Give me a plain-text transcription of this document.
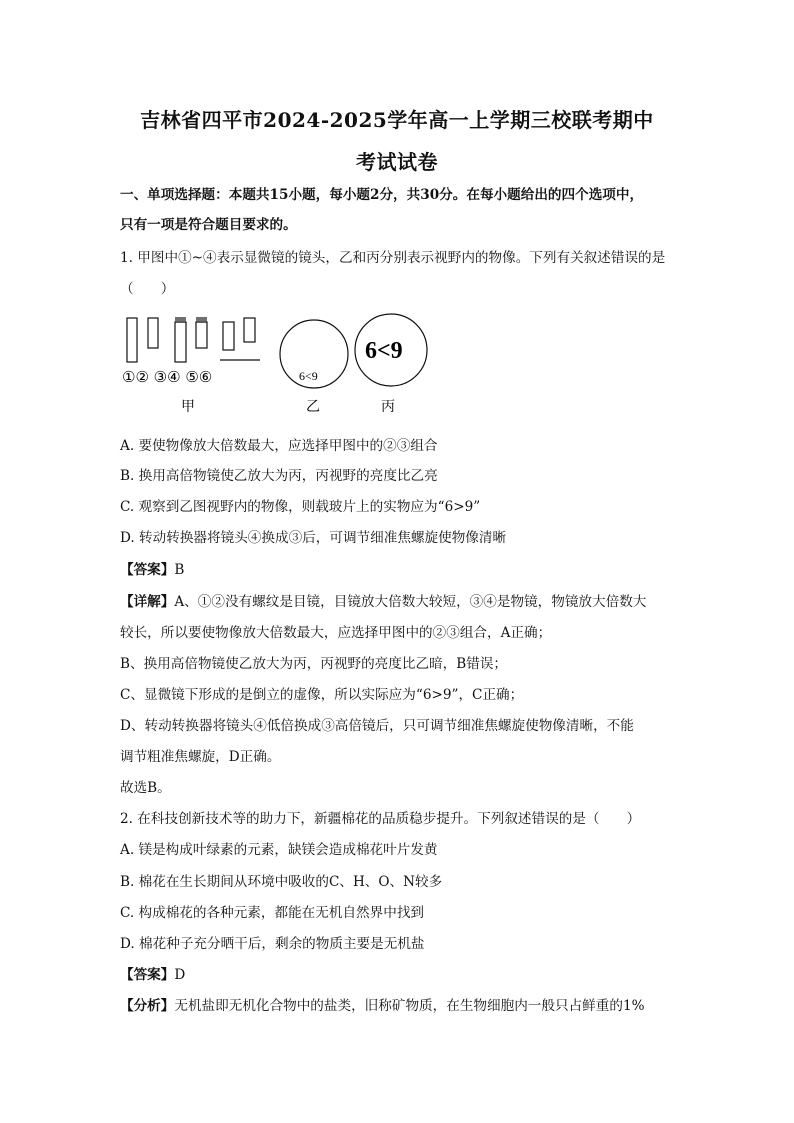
吉林省四平市2024-2025学年高一上学期三校联考期中
考试试卷
一、单项选择题：本题共15小题，每小题2分，共30分。在每小题给出的四个选项中，
只有一项是符合题目要求的。
1. 甲图中①~④表示显微镜的镜头，乙和丙分别表示视野内的物像。下列有关叙述错误的是
（　　）
①② ③④ ⑤⑥	6<9
6<9
甲	乙	丙
A. 要使物像放大倍数最大，应选择甲图中的②③组合
B. 换用高倍物镜使乙放大为丙，丙视野的亮度比乙亮
C. 观察到乙图视野内的物像，则载玻片上的实物应为“6>9”
D. 转动转换器将镜头④换成③后，可调节细准焦螺旋使物像清晰
【答案】B
【详解】A、①②没有螺纹是目镜，目镜放大倍数大较短，③④是物镜，物镜放大倍数大
较长，所以要使物像放大倍数最大，应选择甲图中的②③组合，A正确；
B、换用高倍物镜使乙放大为丙，丙视野的亮度比乙暗，B错误；
C、显微镜下形成的是倒立的虚像，所以实际应为“6>9”，C正确；
D、转动转换器将镜头④低倍换成③高倍镜后，只可调节细准焦螺旋使物像清晰，不能
调节粗准焦螺旋，D正确。
故选B。
2. 在科技创新技术等的助力下，新疆棉花的品质稳步提升。下列叙述错误的是（　　）
A. 镁是构成叶绿素的元素，缺镁会造成棉花叶片发黄
B. 棉花在生长期间从环境中吸收的C、H、O、N较多
C. 构成棉花的各种元素，都能在无机自然界中找到
D. 棉花种子充分晒干后，剩余的物质主要是无机盐
【答案】D
【分析】无机盐即无机化合物中的盐类，旧称矿物质，在生物细胞内一般只占鲜重的1%
